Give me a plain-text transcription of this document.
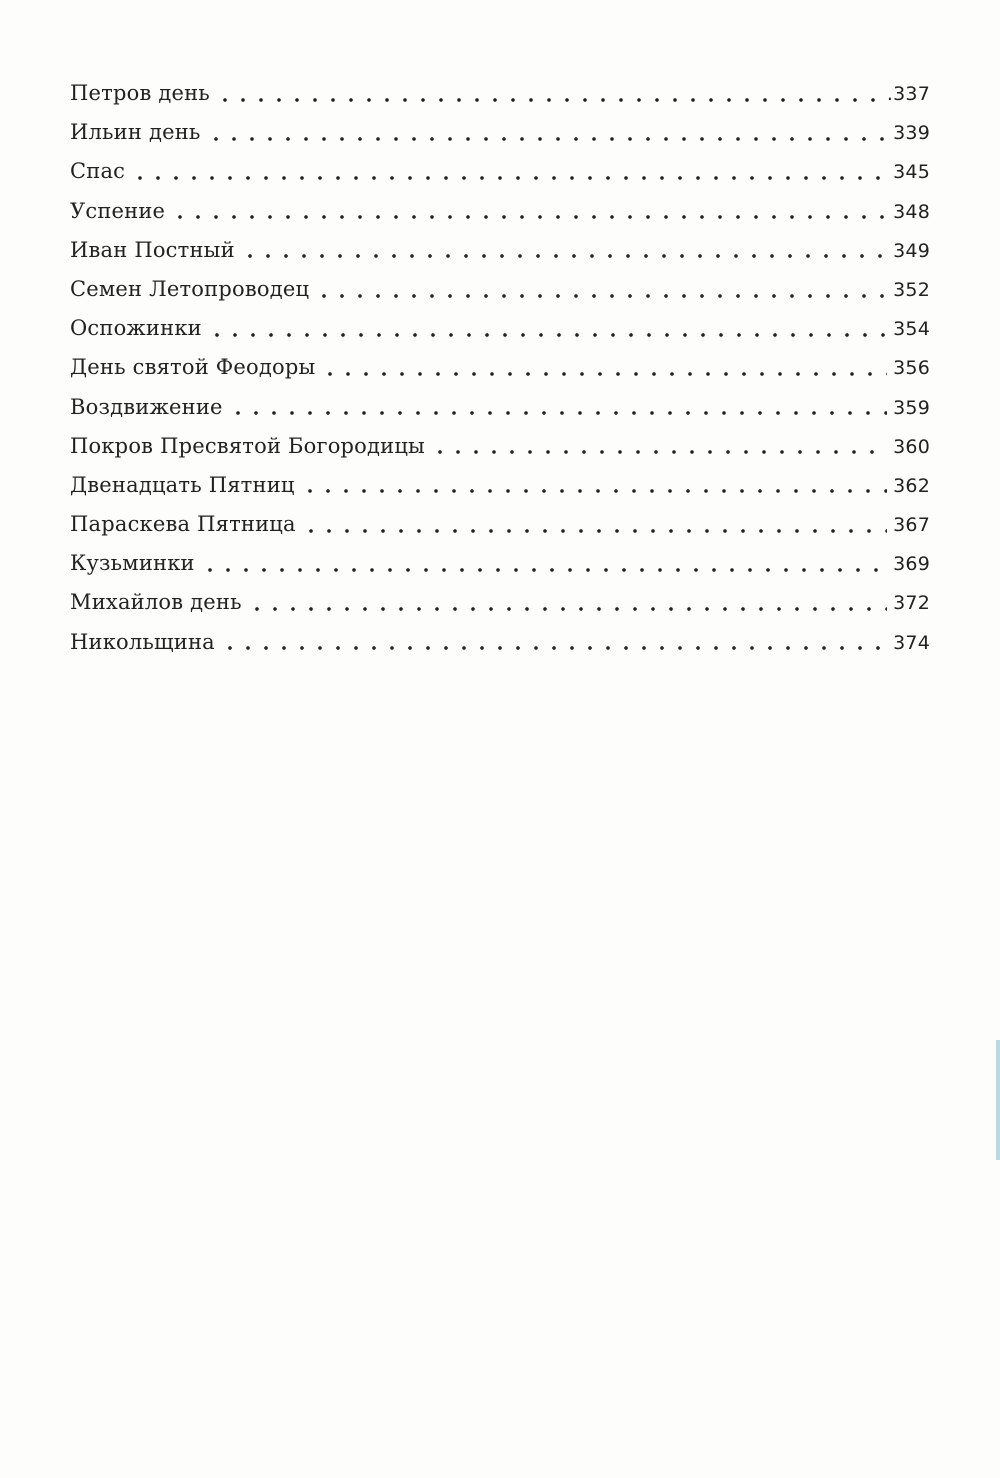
Петров день	.337
Ильин день	339
Спас	345
Успение	348
Иван Постный	349
Семен Летопроводец	352
Оспожинки	354
День святой Феодоры	356
Воздвижение	359
Покров Пресвятой Богородицы	360
Двенадцать Пятниц	362
Параскева Пятница	367
Кузьминки	369
Михайлов день	372
Никольщина	374
